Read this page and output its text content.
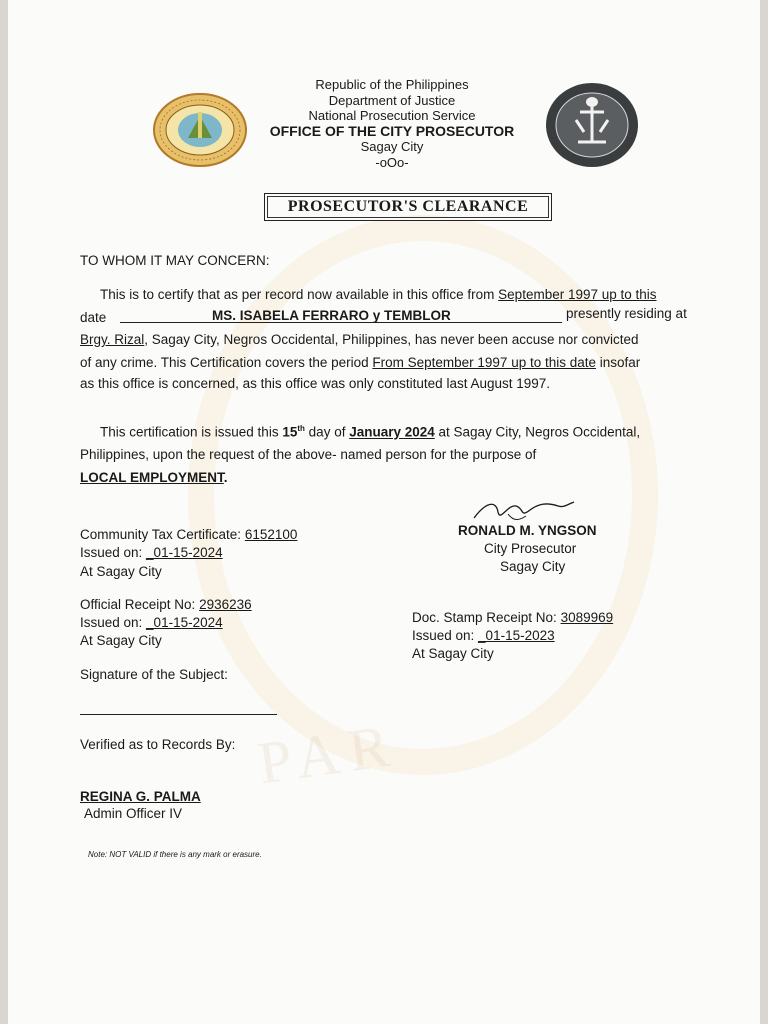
PAR
Republic of the Philippines
Department of Justice
National Prosecution Service
OFFICE OF THE CITY PROSECUTOR
Sagay City
-oOo-
PROSECUTOR'S CLEARANCE
TO WHOM IT MAY CONCERN:
This is to certify that as per record now available in this office from September 1997 up to this
date	MS. ISABELA FERRARO y TEMBLOR	presently residing at
Brgy. Rizal, Sagay City, Negros Occidental, Philippines, has never been accuse nor convicted
of any crime. This Certification covers the period From September 1997 up to this date insofar
as this office is concerned, as this office was only constituted last August 1997.
This certification is issued this 15th day of January 2024 at Sagay City, Negros Occidental,
Philippines, upon the request of the above- named person for the purpose of
LOCAL EMPLOYMENT.
Community Tax Certificate: 6152100
Issued on: _01-15-2024
At Sagay City
RONALD M. YNGSON
City Prosecutor
Sagay City
Official Receipt No: 2936236
Issued on: _01-15-2024
At Sagay City
Doc. Stamp Receipt No: 3089969
Issued on: _01-15-2023
At Sagay City
Signature of the Subject:
Verified as to Records By:
REGINA G. PALMA
Admin Officer IV
Note: NOT VALID if there is any mark or erasure.
